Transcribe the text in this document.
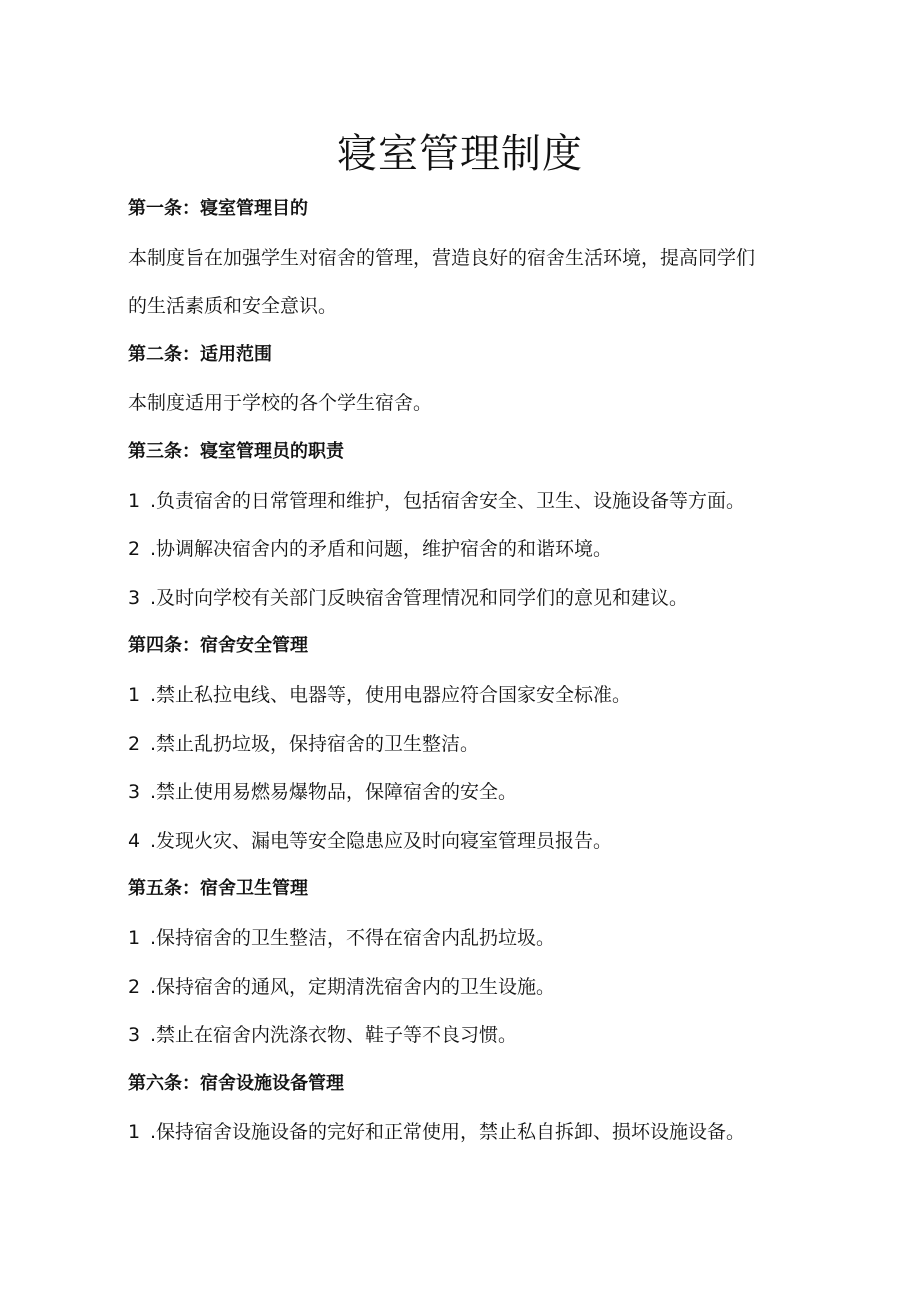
寝室管理制度
第一条：寝室管理目的
本制度旨在加强学生对宿舍的管理，营造良好的宿舍生活环境，提高同学们
的生活素质和安全意识。
第二条：适用范围
本制度适用于学校的各个学生宿舍。
第三条：寝室管理员的职责
1 .负责宿舍的日常管理和维护，包括宿舍安全、卫生、设施设备等方面。
2 .协调解决宿舍内的矛盾和问题，维护宿舍的和谐环境。
3 .及时向学校有关部门反映宿舍管理情况和同学们的意见和建议。
第四条：宿舍安全管理
1 .禁止私拉电线、电器等，使用电器应符合国家安全标准。
2 .禁止乱扔垃圾，保持宿舍的卫生整洁。
3 .禁止使用易燃易爆物品，保障宿舍的安全。
4 .发现火灾、漏电等安全隐患应及时向寝室管理员报告。
第五条：宿舍卫生管理
1 .保持宿舍的卫生整洁，不得在宿舍内乱扔垃圾。
2 .保持宿舍的通风，定期清洗宿舍内的卫生设施。
3 .禁止在宿舍内洗涤衣物、鞋子等不良习惯。
第六条：宿舍设施设备管理
1 .保持宿舍设施设备的完好和正常使用，禁止私自拆卸、损坏设施设备。
